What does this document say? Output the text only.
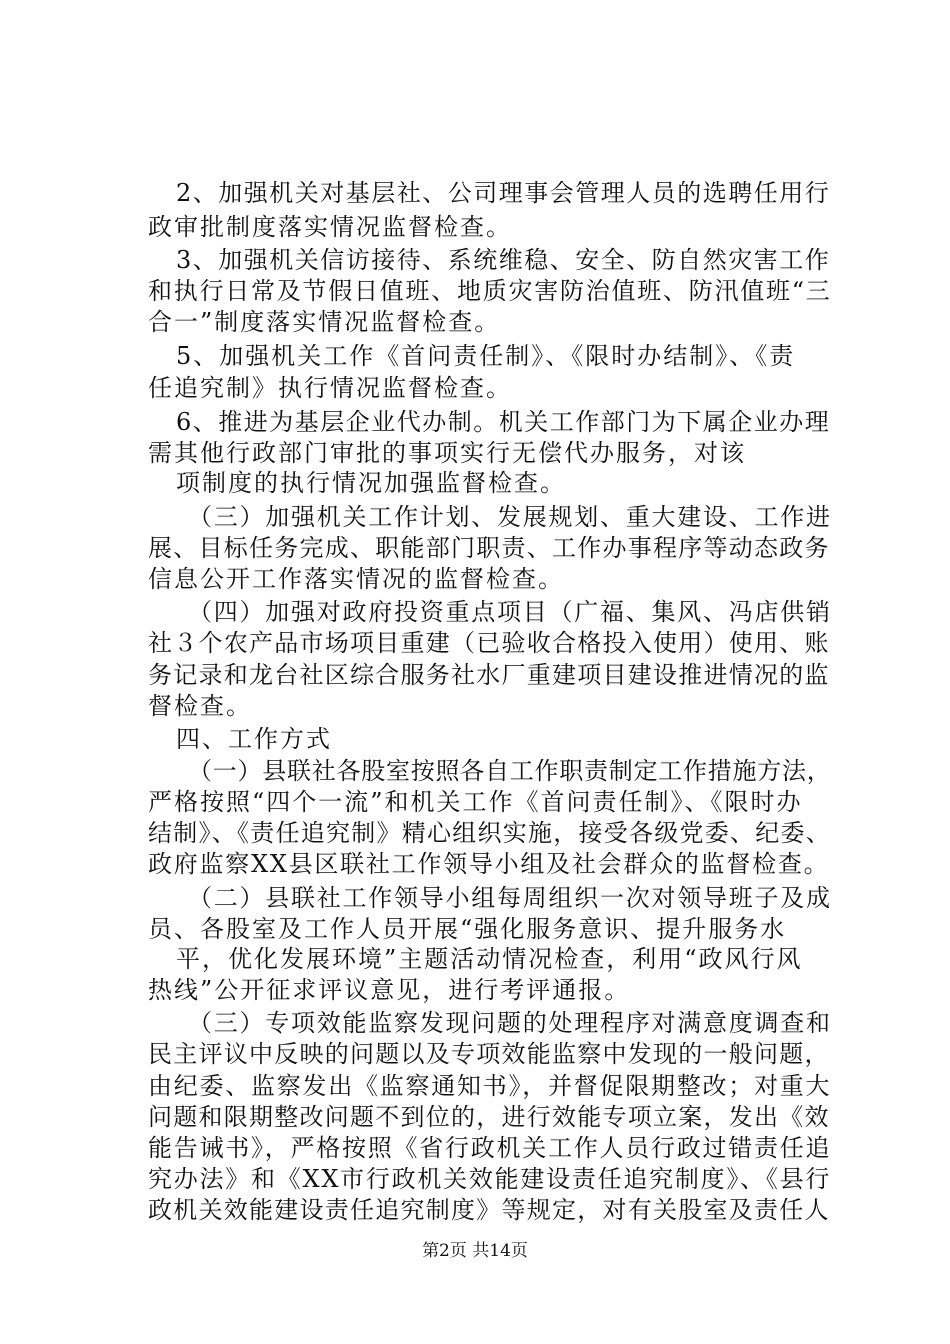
2、加强机关对基层社、公司理事会管理人员的选聘任用行

政审批制度落实情况监督检查。

3、加强机关信访接待、系统维稳、安全、防自然灾害工作

和执行日常及节假日值班、地质灾害防治值班、防汛值班“三

合一”制度落实情况监督检查。

5、加强机关工作《首问责任制》、《限时办结制》、《责

任追究制》执行情况监督检查。

6、推进为基层企业代办制。机关工作部门为下属企业办理

需其他行政部门审批的事项实行无偿代办服务，对该

项制度的执行情况加强监督检查。

（三）加强机关工作计划、发展规划、重大建设、工作进

展、目标任务完成、职能部门职责、工作办事程序等动态政务

信息公开工作落实情况的监督检查。

（四）加强对政府投资重点项目（广福、集风、冯店供销

社３个农产品市场项目重建（已验收合格投入使用）使用、账

务记录和龙台社区综合服务社水厂重建项目建设推进情况的监

督检查。

四、工作方式

（一）县联社各股室按照各自工作职责制定工作措施方法，

严格按照“四个一流”和机关工作《首问责任制》、《限时办

结制》、《责任追究制》精心组织实施，接受各级党委、纪委、

政府监察XX县区联社工作领导小组及社会群众的监督检查。

（二）县联社工作领导小组每周组织一次对领导班子及成

员、各股室及工作人员开展“强化服务意识、提升服务水

平，优化发展环境”主题活动情况检查，利用“政风行风

热线”公开征求评议意见，进行考评通报。

（三）专项效能监察发现问题的处理程序对满意度调查和

民主评议中反映的问题以及专项效能监察中发现的一般问题，

由纪委、监察发出《监察通知书》，并督促限期整改；对重大

问题和限期整改问题不到位的，进行效能专项立案，发出《效

能告诫书》，严格按照《省行政机关工作人员行政过错责任追

究办法》和《XX市行政机关效能建设责任追究制度》、《县行

政机关效能建设责任追究制度》等规定，对有关股室及责任人

第2页 共14页
